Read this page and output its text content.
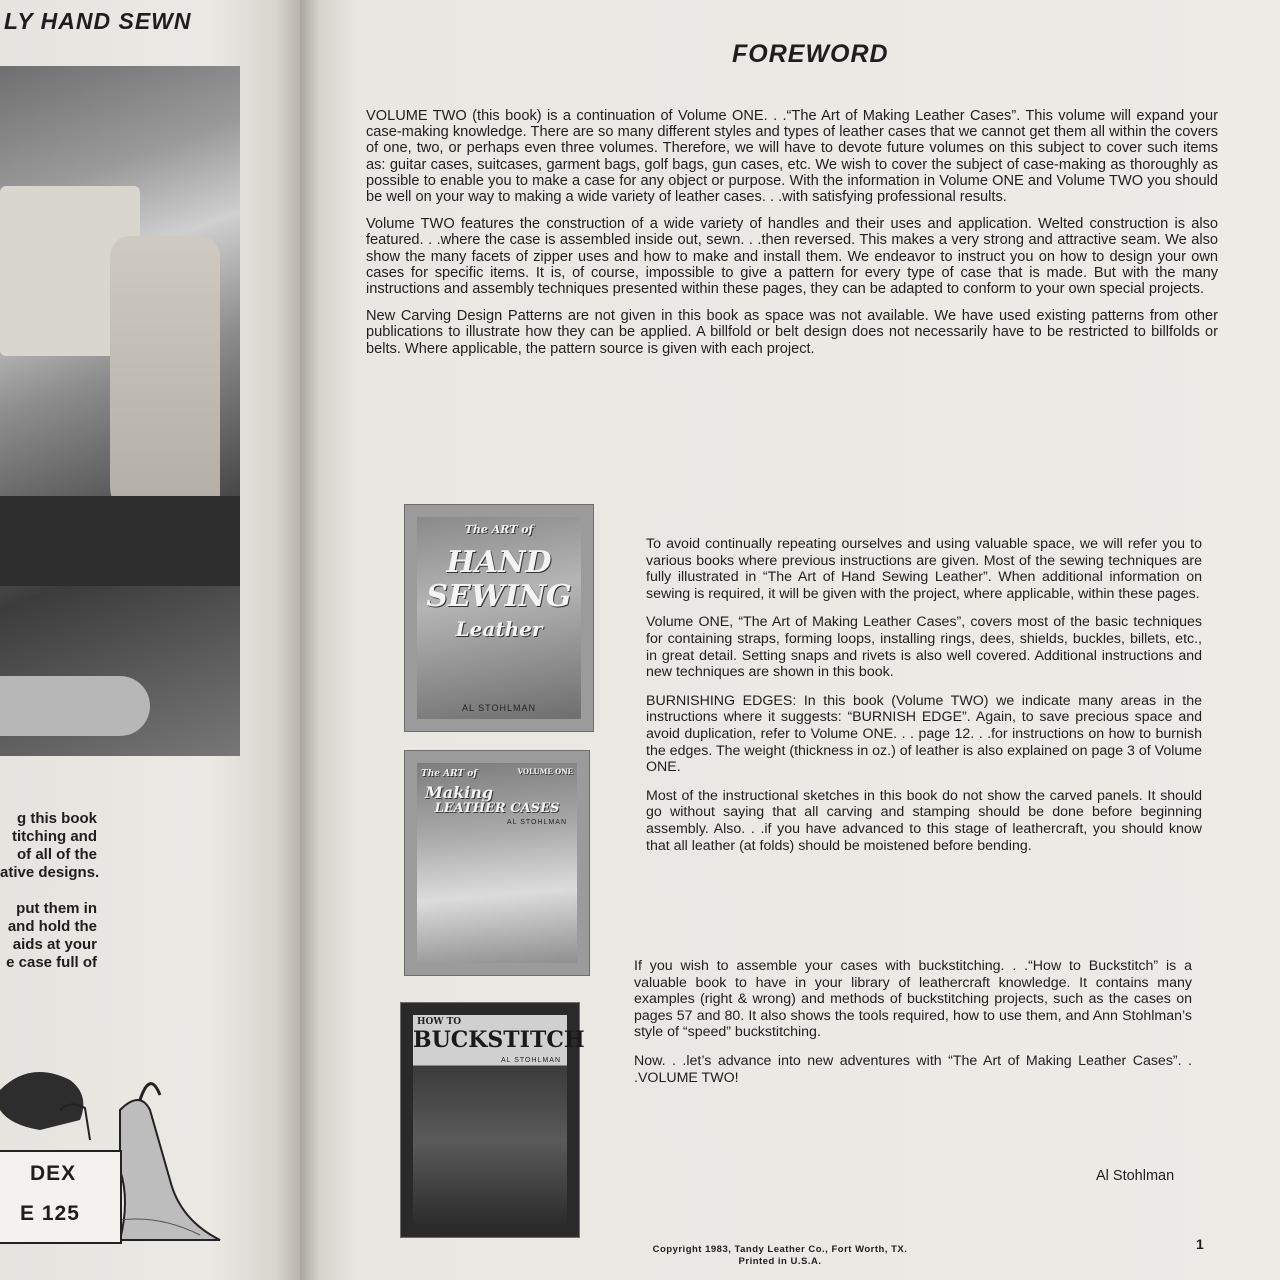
LY HAND SEWN

g this book

titching and

of all of the

ative designs.

put them in

and hold the

aids at your

e case full of

DEX
E 125
FOREWORD

VOLUME TWO (this book) is a continuation of Volume ONE. . .“The Art of Making Leather Cases”. This volume will expand your case-making knowledge. There are so many different styles and types of leather cases that we cannot get them all within the covers of one, two, or perhaps even three volumes. Therefore, we will have to devote future volumes on this subject to cover such items as: guitar cases, suitcases, garment bags, golf bags, gun cases, etc. We wish to cover the subject of case-making as thoroughly as possible to enable you to make a case for any object or purpose. With the information in Volume ONE and Volume TWO you should be well on your way to making a wide variety of leather cases. . .with satisfying professional results.

Volume TWO features the construction of a wide variety of handles and their uses and application. Welted construction is also featured. . .where the case is assembled inside out, sewn. . .then reversed. This makes a very strong and attractive seam. We also show the many facets of zipper uses and how to make and install them. We endeavor to instruct you on how to design your own cases for specific items. It is, of course, impossible to give a pattern for every type of case that is made. But with the many instructions and assembly techniques presented within these pages, they can be adapted to conform to your own special projects.

New Carving Design Patterns are not given in this book as space was not available. We have used existing patterns from other publications to illustrate how they can be applied. A billfold or belt design does not necessarily have to be restricted to billfolds or belts. Where applicable, the pattern source is given with each project.

The ART of
HAND
SEWING
Leather
AL STOHLMAN
The ART of
Making
LEATHER CASES
VOLUME ONE
AL STOHLMAN
HOW TO
BUCKSTITCH
AL STOHLMAN

To avoid continually repeating ourselves and using valuable space, we will refer you to various books where previous instructions are given. Most of the sewing techniques are fully illustrated in “The Art of Hand Sewing Leather”. When additional information on sewing is required, it will be given with the project, where applicable, within these pages.

Volume ONE, “The Art of Making Leather Cases”, covers most of the basic techniques for containing straps, forming loops, installing rings, dees, shields, buckles, billets, etc., in great detail. Setting snaps and rivets is also well covered. Additional instructions and new techniques are shown in this book.

BURNISHING EDGES: In this book (Volume TWO) we indicate many areas in the instructions where it suggests: “BURNISH EDGE”. Again, to save precious space and avoid duplication, refer to Volume ONE. . . page 12. . .for instructions on how to burnish the edges. The weight (thickness in oz.) of leather is also explained on page 3 of Volume ONE.

Most of the instructional sketches in this book do not show the carved panels. It should go without saying that all carving and stamping should be done before beginning assembly. Also. . .if you have advanced to this stage of leathercraft, you should know that all leather (at folds) should be moistened before bending.

If you wish to assemble your cases with buckstitching. . .“How to Buckstitch” is a valuable book to have in your library of leathercraft knowledge. It contains many examples (right & wrong) and methods of buckstitching projects, such as the cases on pages 57 and 80. It also shows the tools required, how to use them, and Ann Stohlman’s style of “speed” buckstitching.

Now. . .let’s advance into new adventures with “The Art of Making Leather Cases”. . .VOLUME TWO!

Al Stohlman
Copyright 1983, Tandy Leather Co., Fort Worth, TX.
Printed in U.S.A.
1
